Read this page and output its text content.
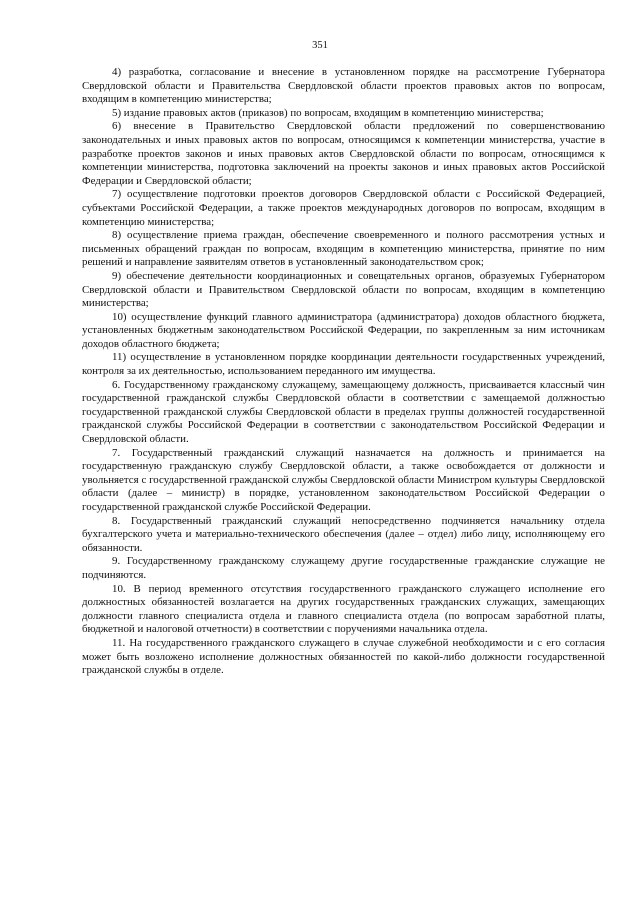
351

4) разработка, согласование и внесение в установленном порядке на рассмотрение Губернатора Свердловской области и Правительства Свердловской области проектов правовых актов по вопросам, входящим в компетенцию министерства;

5) издание правовых актов (приказов) по вопросам, входящим в компетенцию министерства;

6) внесение в Правительство Свердловской области предложений по совершенствованию законодательных и иных правовых актов по вопросам, относящимся к компетенции министерства, участие в разработке проектов законов и иных правовых актов Свердловской области по вопросам, относящимся к компетенции министерства, подготовка заключений на проекты законов и иных правовых актов Российской Федерации и Свердловской области;

7) осуществление подготовки проектов договоров Свердловской области с Российской Федерацией, субъектами Российской Федерации, а также проектов международных договоров по вопросам, входящим в компетенцию министерства;

8) осуществление приема граждан, обеспечение своевременного и полного рассмотрения устных и письменных обращений граждан по вопросам, входящим в компетенцию министерства, принятие по ним решений и направление заявителям ответов в установленный законодательством срок;

9) обеспечение деятельности координационных и совещательных органов, образуемых Губернатором Свердловской области и Правительством Свердловской области по вопросам, входящим в компетенцию министерства;

10) осуществление функций главного администратора (администратора) доходов областного бюджета, установленных бюджетным законодательством Российской Федерации, по закрепленным за ним источникам доходов областного бюджета;

11) осуществление в установленном порядке координации деятельности государственных учреждений, контроля за их деятельностью, использованием переданного им имущества.

6. Государственному гражданскому служащему, замещающему должность, присваивается классный чин государственной гражданской службы Свердловской области в соответствии с замещаемой должностью государственной гражданской службы Свердловской области в пределах группы должностей государственной гражданской службы Российской Федерации в соответствии с законодательством Российской Федерации и Свердловской области.

7. Государственный гражданский служащий назначается на должность и принимается на государственную гражданскую службу Свердловской области, а также освобождается от должности и увольняется с государственной гражданской службы Свердловской области Министром культуры Свердловской области (далее – министр) в порядке, установленном законодательством Российской Федерации о государственной гражданской службе Российской Федерации.

8. Государственный гражданский служащий непосредственно подчиняется начальнику отдела бухгалтерского учета и материально-технического обеспечения (далее – отдел) либо лицу, исполняющему его обязанности.

9. Государственному гражданскому служащему другие государственные гражданские служащие не подчиняются.

10. В период временного отсутствия государственного гражданского служащего исполнение его должностных обязанностей возлагается на других государственных гражданских служащих, замещающих должности главного специалиста отдела и главного специалиста отдела (по вопросам заработной платы, бюджетной и налоговой отчетности) в соответствии с поручениями начальника отдела.

11. На государственного гражданского служащего в случае служебной необходимости и с его согласия может быть возложено исполнение должностных обязанностей по какой-либо должности государственной гражданской службы в отделе.
